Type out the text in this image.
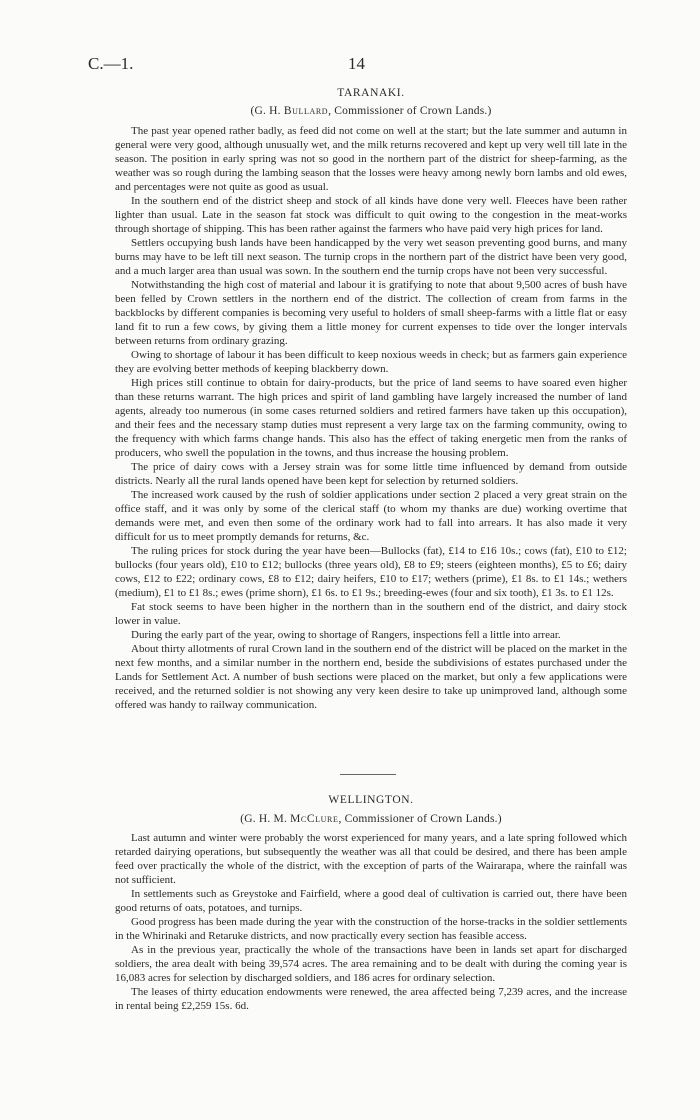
C.—1.	14
TARANAKI.
(G. H. Bullard, Commissioner of Crown Lands.)

The past year opened rather badly, as feed did not come on well at the start; but the late summer and autumn in general were very good, although unusually wet, and the milk returns recovered and kept up very well till late in the season. The position in early spring was not so good in the northern part of the district for sheep-farming, as the weather was so rough during the lambing season that the losses were heavy among newly born lambs and old ewes, and percentages were not quite as good as usual.

In the southern end of the district sheep and stock of all kinds have done very well. Fleeces have been rather lighter than usual. Late in the season fat stock was difficult to quit owing to the congestion in the meat-works through shortage of shipping. This has been rather against the farmers who have paid very high prices for land.

Settlers occupying bush lands have been handicapped by the very wet season preventing good burns, and many burns may have to be left till next season. The turnip crops in the northern part of the district have been very good, and a much larger area than usual was sown. In the southern end the turnip crops have not been very successful.

Notwithstanding the high cost of material and labour it is gratifying to note that about 9,500 acres of bush have been felled by Crown settlers in the northern end of the district. The collection of cream from farms in the backblocks by different companies is becoming very useful to holders of small sheep-farms with a little flat or easy land fit to run a few cows, by giving them a little money for current expenses to tide over the longer intervals between returns from ordinary grazing.

Owing to shortage of labour it has been difficult to keep noxious weeds in check; but as farmers gain experience they are evolving better methods of keeping blackberry down.

High prices still continue to obtain for dairy-products, but the price of land seems to have soared even higher than these returns warrant. The high prices and spirit of land gambling have largely increased the number of land agents, already too numerous (in some cases returned soldiers and retired farmers have taken up this occupation), and their fees and the necessary stamp duties must represent a very large tax on the farming community, owing to the frequency with which farms change hands. This also has the effect of taking energetic men from the ranks of producers, who swell the population in the towns, and thus increase the housing problem.

The price of dairy cows with a Jersey strain was for some little time influenced by demand from outside districts. Nearly all the rural lands opened have been kept for selection by returned soldiers.

The increased work caused by the rush of soldier applications under section 2 placed a very great strain on the office staff, and it was only by some of the clerical staff (to whom my thanks are due) working overtime that demands were met, and even then some of the ordinary work had to fall into arrears. It has also made it very difficult for us to meet promptly demands for returns, &c.

The ruling prices for stock during the year have been—Bullocks (fat), £14 to £16 10s.; cows (fat), £10 to £12; bullocks (four years old), £10 to £12; bullocks (three years old), £8 to £9; steers (eighteen months), £5 to £6; dairy cows, £12 to £22; ordinary cows, £8 to £12; dairy heifers, £10 to £17; wethers (prime), £1 8s. to £1 14s.; wethers (medium), £1 to £1 8s.; ewes (prime shorn), £1 6s. to £1 9s.; breeding-ewes (four and six tooth), £1 3s. to £1 12s.

Fat stock seems to have been higher in the northern than in the southern end of the district, and dairy stock lower in value.

During the early part of the year, owing to shortage of Rangers, inspections fell a little into arrear.

About thirty allotments of rural Crown land in the southern end of the district will be placed on the market in the next few months, and a similar number in the northern end, beside the subdivisions of estates purchased under the Lands for Settlement Act. A number of bush sections were placed on the market, but only a few applications were received, and the returned soldier is not showing any very keen desire to take up unimproved land, although some offered was handy to railway communication.

WELLINGTON.
(G. H. M. McClure, Commissioner of Crown Lands.)

Last autumn and winter were probably the worst experienced for many years, and a late spring followed which retarded dairying operations, but subsequently the weather was all that could be desired, and there has been ample feed over practically the whole of the district, with the exception of parts of the Wairarapa, where the rainfall was not sufficient.

In settlements such as Greystoke and Fairfield, where a good deal of cultivation is carried out, there have been good returns of oats, potatoes, and turnips.

Good progress has been made during the year with the construction of the horse-tracks in the soldier settlements in the Whirinaki and Retaruke districts, and now practically every section has feasible access.

As in the previous year, practically the whole of the transactions have been in lands set apart for discharged soldiers, the area dealt with being 39,574 acres. The area remaining and to be dealt with during the coming year is 16,083 acres for selection by discharged soldiers, and 186 acres for ordinary selection.

The leases of thirty education endowments were renewed, the area affected being 7,239 acres, and the increase in rental being £2,259 15s. 6d.
